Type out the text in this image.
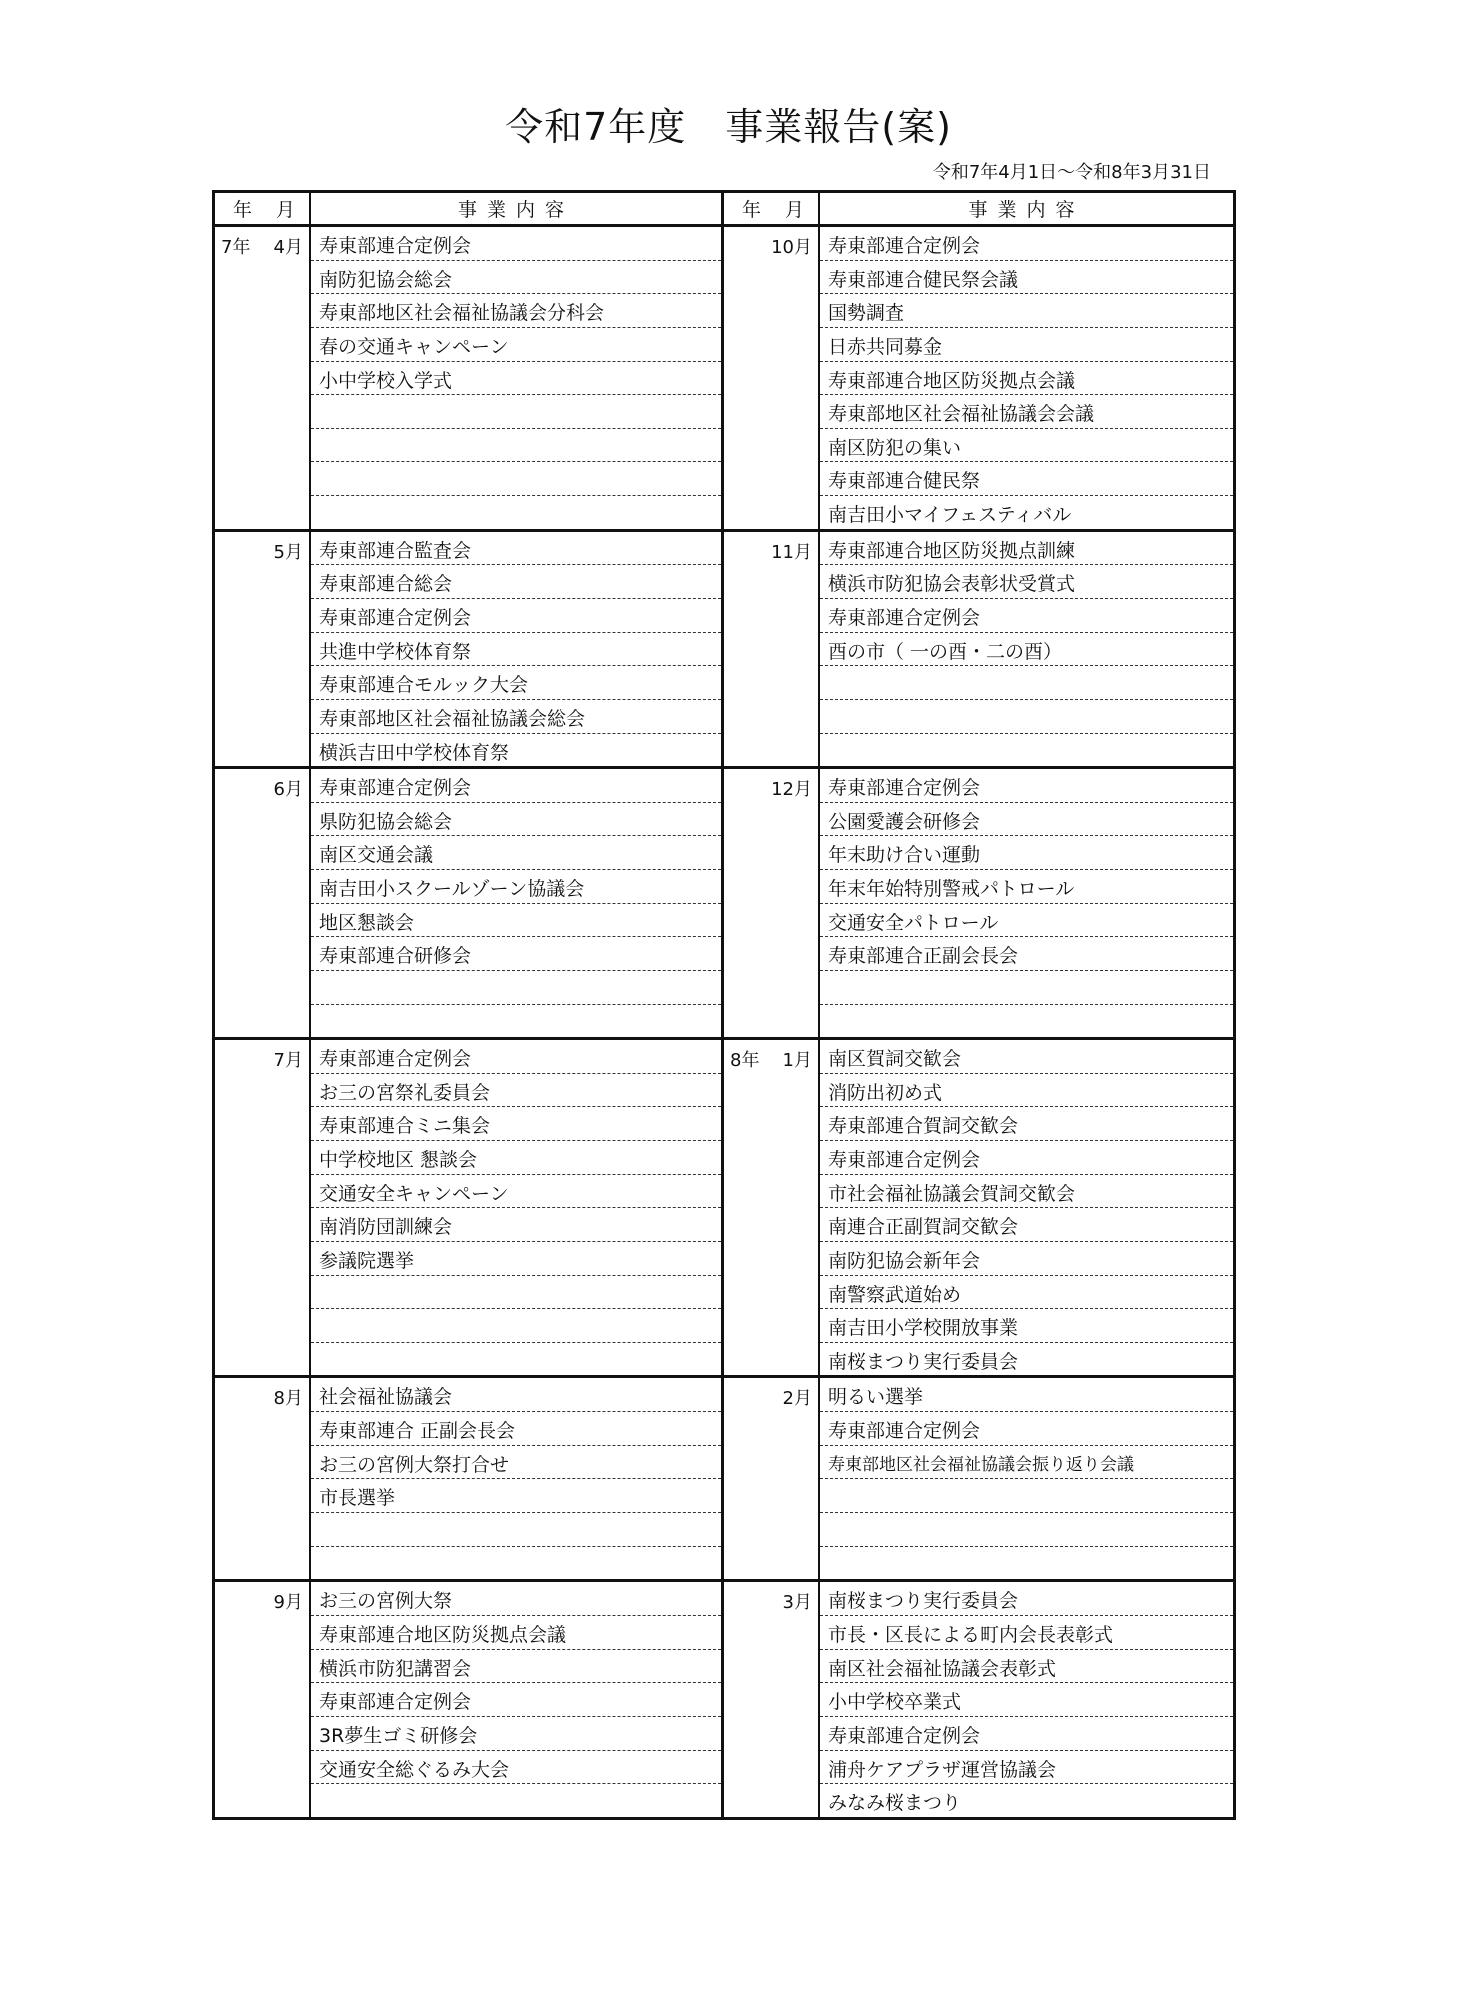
令和7年度　事業報告(案)
令和7年4月1日～令和8年3月31日
年 月	事業内容
7年 4月 寿東部連合定例会
南防犯協会総会
寿東部地区社会福祉協議会分科会
春の交通キャンペーン
小中学校入学式
5月 寿東部連合監査会
寿東部連合総会
寿東部連合定例会
共進中学校体育祭
寿東部連合モルック大会
寿東部地区社会福祉協議会総会
横浜吉田中学校体育祭
6月 寿東部連合定例会
県防犯協会総会
南区交通会議
南吉田小スクールゾーン協議会
地区懇談会
寿東部連合研修会
7月 寿東部連合定例会
お三の宮祭礼委員会
寿東部連合ミニ集会
中学校地区 懇談会
交通安全キャンペーン
南消防団訓練会
参議院選挙
8月 社会福祉協議会
寿東部連合 正副会長会
お三の宮例大祭打合せ
市長選挙
9月 お三の宮例大祭
寿東部連合地区防災拠点会議
横浜市防犯講習会
寿東部連合定例会
3R夢生ゴミ研修会
交通安全総ぐるみ大会
年 月	事業内容
10月 寿東部連合定例会
寿東部連合健民祭会議
国勢調査
日赤共同募金
寿東部連合地区防災拠点会議
寿東部地区社会福祉協議会会議
南区防犯の集い
寿東部連合健民祭
南吉田小マイフェスティバル
11月 寿東部連合地区防災拠点訓練
横浜市防犯協会表彰状受賞式
寿東部連合定例会
酉の市（ 一の酉・二の酉）
12月 寿東部連合定例会
公園愛護会研修会
年末助け合い運動
年末年始特別警戒パトロール
交通安全パトロール
寿東部連合正副会長会
8年 1月 南区賀詞交歓会
消防出初め式
寿東部連合賀詞交歓会
寿東部連合定例会
市社会福祉協議会賀詞交歓会
南連合正副賀詞交歓会
南防犯協会新年会
南警察武道始め
南吉田小学校開放事業
南桜まつり実行委員会
2月 明るい選挙
寿東部連合定例会
寿東部地区社会福祉協議会振り返り会議
3月 南桜まつり実行委員会
市長・区長による町内会長表彰式
南区社会福祉協議会表彰式
小中学校卒業式
寿東部連合定例会
浦舟ケアプラザ運営協議会
みなみ桜まつり
